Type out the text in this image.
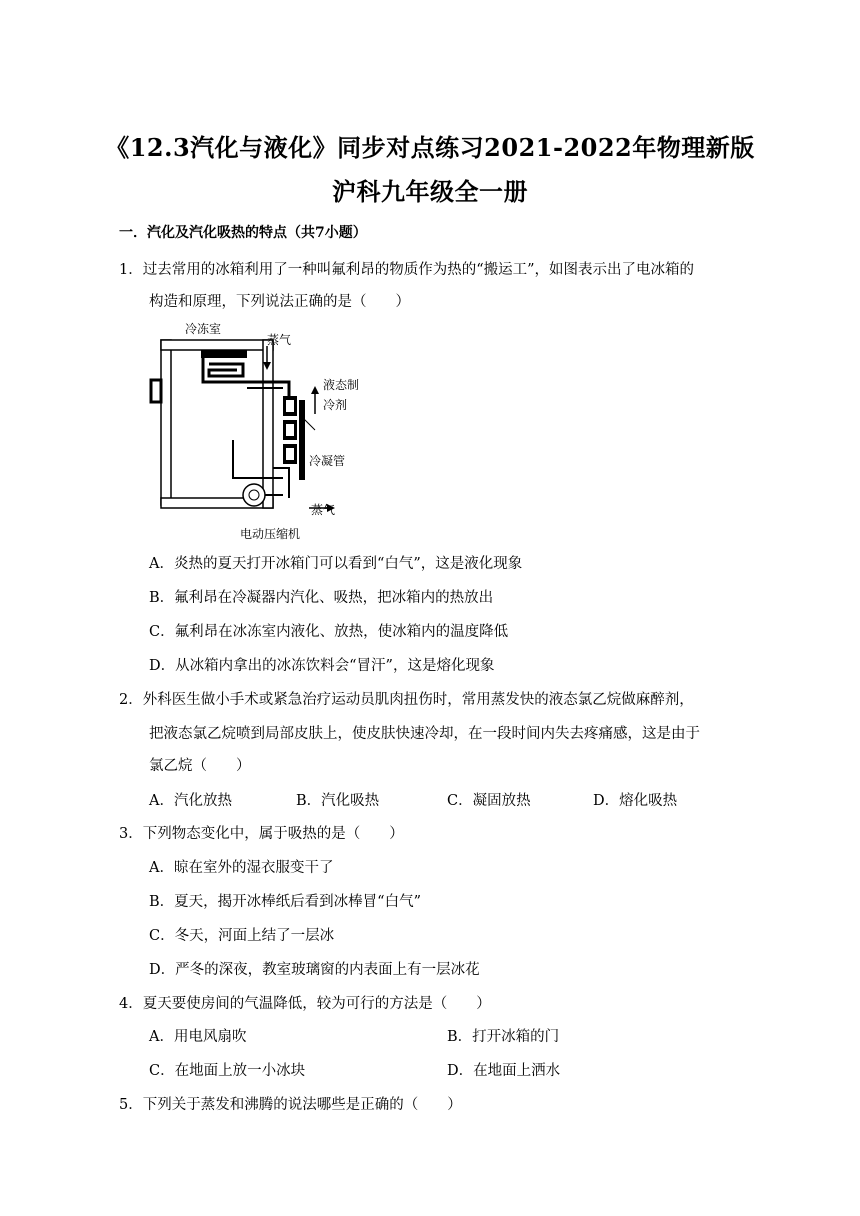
《12.3汽化与液化》同步对点练习2021-2022年物理新版
沪科九年级全一册
一．汽化及汽化吸热的特点（共7小题）
1．过去常用的冰箱利用了一种叫氟利昂的物质作为热的“搬运工”，如图表示出了电冰箱的
构造和原理，下列说法正确的是（　　）
冷冻室
蒸气
液态制
冷剂
冷凝管
蒸气
电动压缩机
A．炎热的夏天打开冰箱门可以看到“白气”，这是液化现象
B．氟利昂在冷凝器内汽化、吸热，把冰箱内的热放出
C．氟利昂在冰冻室内液化、放热，使冰箱内的温度降低
D．从冰箱内拿出的冰冻饮料会“冒汗”，这是熔化现象
2．外科医生做小手术或紧急治疗运动员肌肉扭伤时，常用蒸发快的液态氯乙烷做麻醉剂，
把液态氯乙烷喷到局部皮肤上，使皮肤快速冷却，在一段时间内失去疼痛感，这是由于
氯乙烷（　　）
A．汽化放热	B．汽化吸热	C．凝固放热	D．熔化吸热
3．下列物态变化中，属于吸热的是（　　）
A．晾在室外的湿衣服变干了
B．夏天，揭开冰棒纸后看到冰棒冒“白气”
C．冬天，河面上结了一层冰
D．严冬的深夜，教室玻璃窗的内表面上有一层冰花
4．夏天要使房间的气温降低，较为可行的方法是（　　）
A．用电风扇吹	B．打开冰箱的门
C．在地面上放一小冰块	D．在地面上洒水
5．下列关于蒸发和沸腾的说法哪些是正确的（　　）
